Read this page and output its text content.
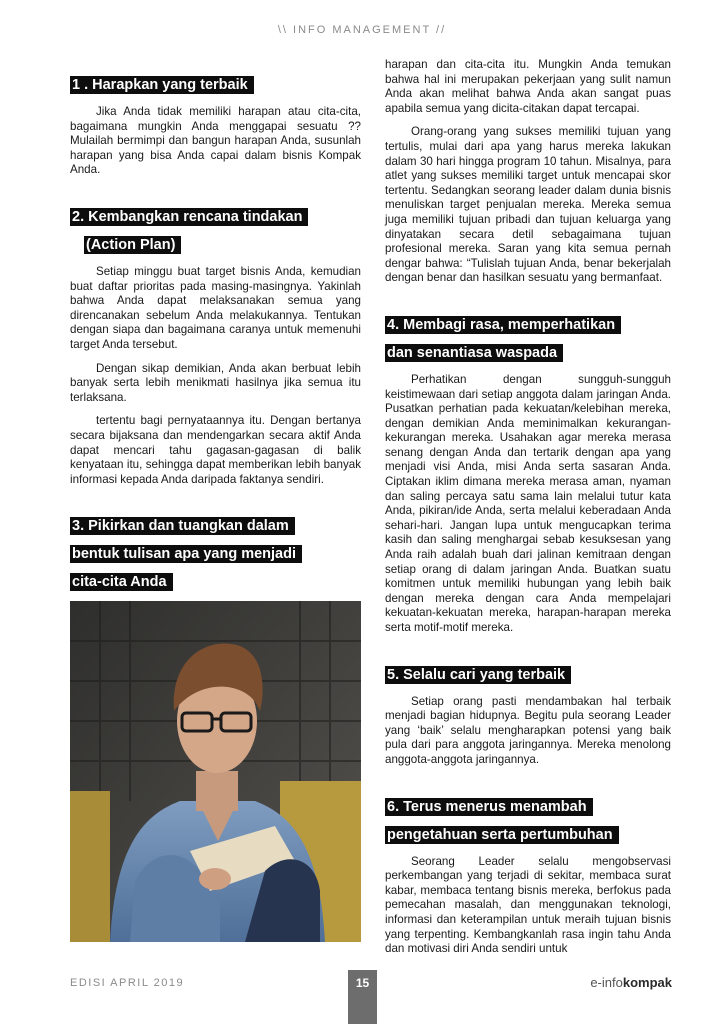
\\ INFO MANAGEMENT //
1 . Harapkan yang terbaik

Jika Anda tidak memiliki harapan atau cita-cita, bagaimana mungkin Anda menggapai sesuatu ?? Mulailah bermimpi dan bangun harapan Anda, susunlah harapan yang bisa Anda capai dalam bisnis Kompak Anda.

2. Kembangkan rencana tindakan
(Action Plan)

Setiap minggu buat target bisnis Anda, kemudian buat daftar prioritas pada masing-masingnya. Yakinlah bahwa Anda dapat melaksanakan semua yang direncanakan sebelum Anda melakukannya. Tentukan dengan siapa dan bagaimana caranya untuk memenuhi target Anda tersebut.

Dengan sikap demikian, Anda akan berbuat lebih banyak serta lebih menikmati hasilnya jika semua itu terlaksana.

tertentu bagi pernyataannya itu. Dengan bertanya secara bijaksana dan mendengarkan secara aktif Anda dapat mencari tahu gagasan-gagasan di balik kenyataan itu, sehingga dapat memberikan lebih banyak informasi kepada Anda daripada faktanya sendiri.

3. Pikirkan dan tuangkan dalam
bentuk tulisan apa yang menjadi
cita-cita Anda

harapan dan cita-cita itu. Mungkin Anda temukan bahwa hal ini merupakan pekerjaan yang sulit namun Anda akan melihat bahwa Anda akan sangat puas apabila semua yang dicita-citakan dapat tercapai.

Orang-orang yang sukses memiliki tujuan yang tertulis, mulai dari apa yang harus mereka lakukan dalam 30 hari hingga program 10 tahun. Misalnya, para atlet yang sukses memiliki target untuk mencapai skor tertentu. Sedangkan seorang leader dalam dunia bisnis menuliskan target penjualan mereka. Mereka semua juga memiliki tujuan pribadi dan tujuan keluarga yang dinyatakan secara detil sebagaimana tujuan profesional mereka. Saran yang kita semua pernah dengar bahwa: “Tulislah tujuan Anda, benar bekerjalah dengan benar dan hasilkan sesuatu yang bermanfaat.

4. Membagi rasa, memperhatikan
dan senantiasa waspada

Perhatikan dengan sungguh-sungguh keistimewaan dari setiap anggota dalam jaringan Anda. Pusatkan perhatian pada kekuatan/kelebihan mereka, dengan demikian Anda meminimalkan kekurangan-kekurangan mereka. Usahakan agar mereka merasa senang dengan Anda dan tertarik dengan apa yang menjadi visi Anda, misi Anda serta sasaran Anda. Ciptakan iklim dimana mereka merasa aman, nyaman dan saling percaya satu sama lain melalui tutur kata Anda, pikiran/ide Anda, serta melalui keberadaan Anda sehari-hari. Jangan lupa untuk mengucapkan terima kasih dan saling menghargai sebab kesuksesan yang Anda raih adalah buah dari jalinan kemitraan dengan setiap orang di dalam jaringan Anda. Buatkan suatu komitmen untuk memiliki hubungan yang lebih baik dengan mereka dengan cara Anda mempelajari kekuatan-kekuatan mereka, harapan-harapan mereka serta motif-motif mereka.

5. Selalu cari yang terbaik

Setiap orang pasti mendambakan hal terbaik menjadi bagian hidupnya. Begitu pula seorang Leader yang ‘baik’ selalu mengharapkan potensi yang baik pula dari para anggota jaringannya. Mereka menolong anggota-anggota jaringannya.

6. Terus menerus menambah
pengetahuan serta pertumbuhan

Seorang Leader selalu mengobservasi perkembangan yang terjadi di sekitar, membaca surat kabar, membaca tentang bisnis mereka, berfokus pada pemecahan masalah, dan menggunakan teknologi, informasi dan keterampilan untuk meraih tujuan bisnis yang terpenting. Kembangkanlah rasa ingin tahu Anda dan motivasi diri Anda sendiri untuk

EDISI APRIL 2019	15	e-infokompak
